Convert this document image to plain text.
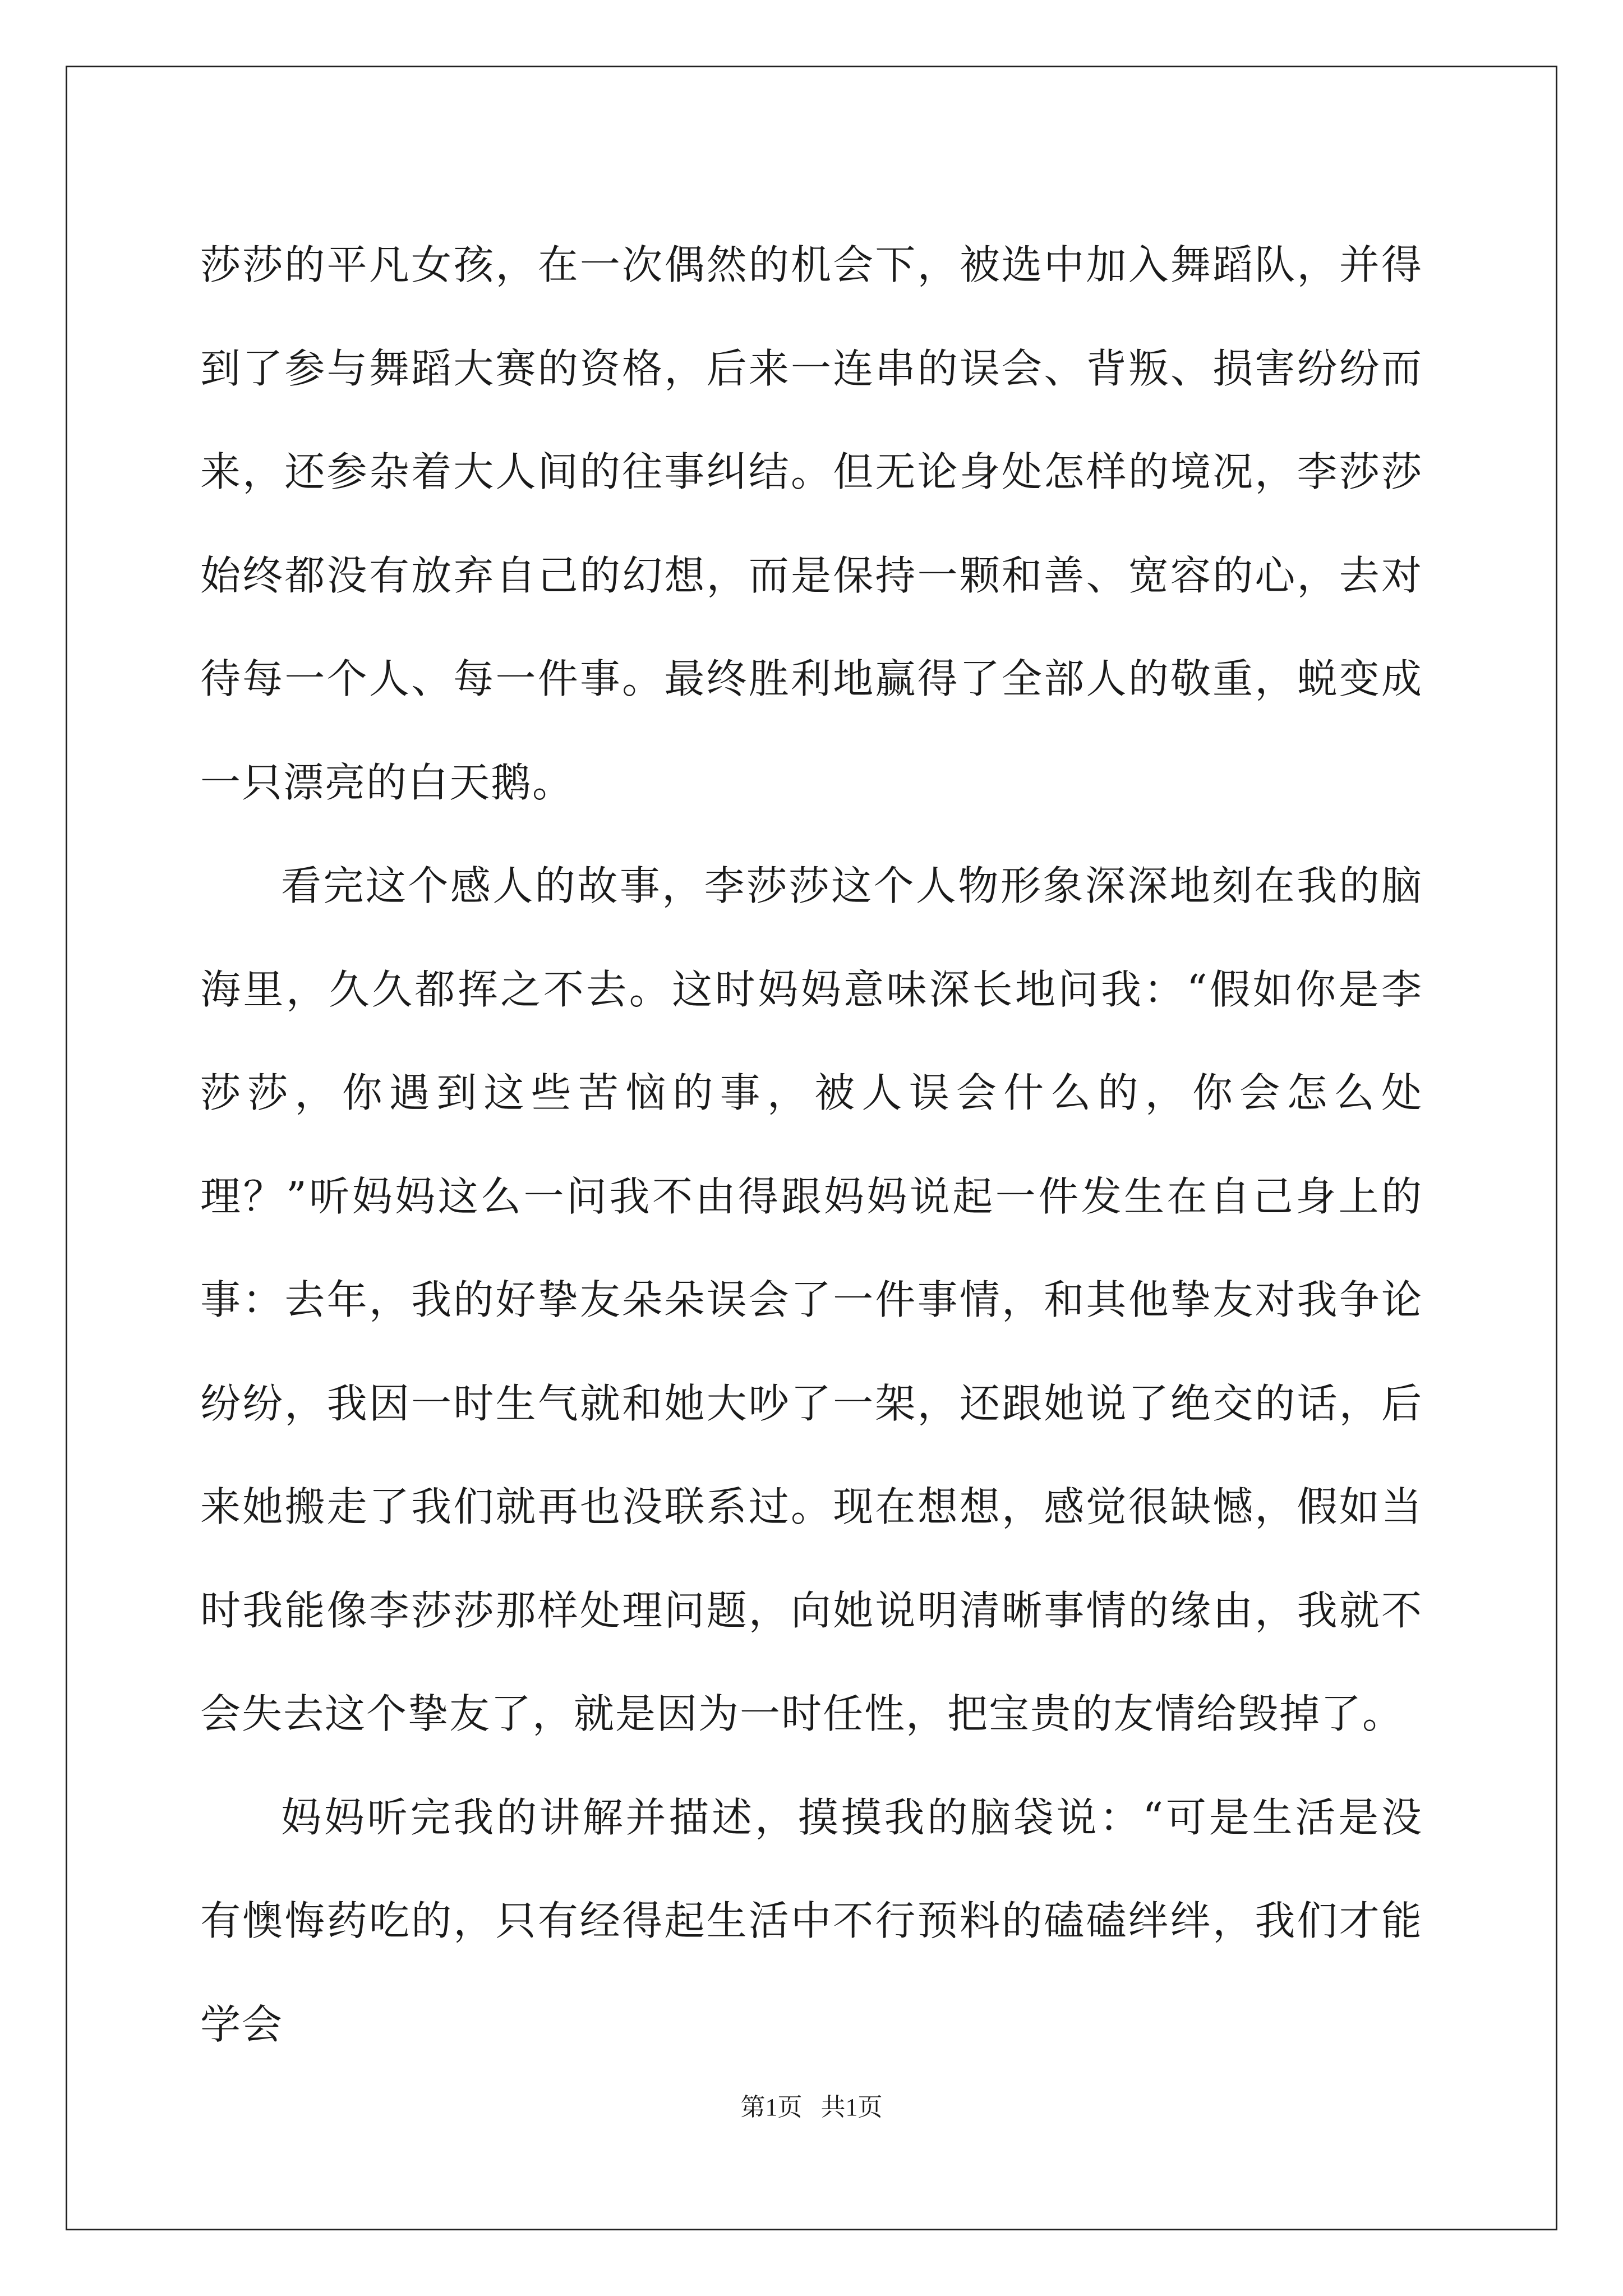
莎莎的平凡女孩，在一次偶然的机会下，被选中加入舞蹈队，并得到了参与舞蹈大赛的资格，后来一连串的误会、背叛、损害纷纷而来，还参杂着大人间的往事纠结。但无论身处怎样的境况，李莎莎始终都没有放弃自己的幻想，而是保持一颗和善、宽容的心，去对待每一个人、每一件事。最终胜利地赢得了全部人的敬重，蜕变成一只漂亮的白天鹅。

看完这个感人的故事，李莎莎这个人物形象深深地刻在我的脑海里，久久都挥之不去。这时妈妈意味深长地问我：“假如你是李莎莎，你遇到这些苦恼的事，被人误会什么的，你会怎么处理？”听妈妈这么一问我不由得跟妈妈说起一件发生在自己身上的事：去年，我的好挚友朵朵误会了一件事情，和其他挚友对我争论纷纷，我因一时生气就和她大吵了一架，还跟她说了绝交的话，后来她搬走了我们就再也没联系过。现在想想，感觉很缺憾，假如当时我能像李莎莎那样处理问题，向她说明清晰事情的缘由，我就不会失去这个挚友了，就是因为一时任性，把宝贵的友情给毁掉了。

妈妈听完我的讲解并描述，摸摸我的脑袋说：“可是生活是没有懊悔药吃的，只有经得起生活中不行预料的磕磕绊绊，我们才能学会

第1页   共1页
